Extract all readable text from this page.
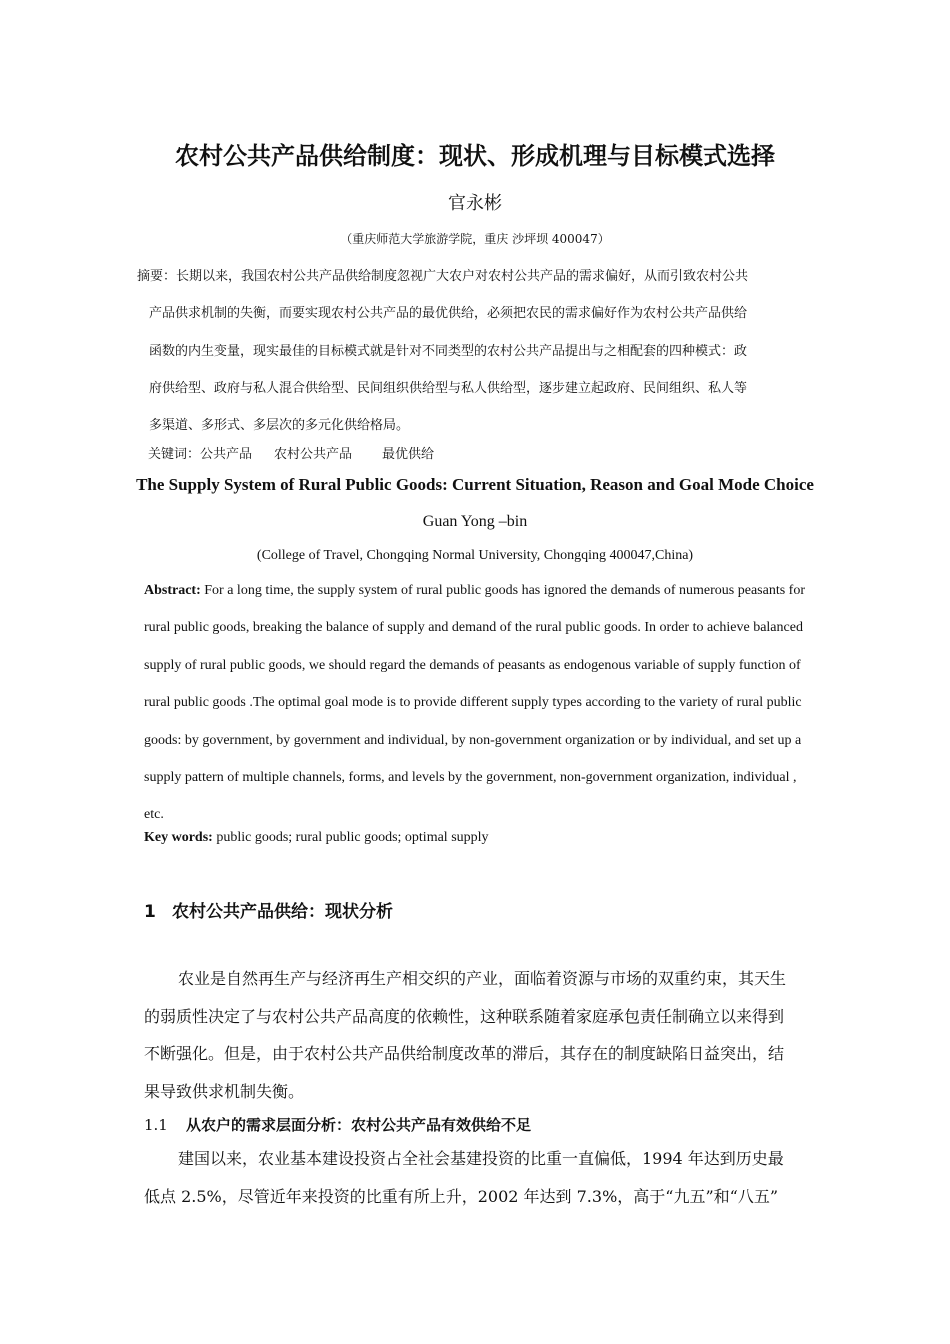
农村公共产品供给制度：现状、形成机理与目标模式选择
官永彬
（重庆师范大学旅游学院，重庆 沙坪坝 400047）
摘要：长期以来，我国农村公共产品供给制度忽视广大农户对农村公共产品的需求偏好，从而引致农村公共
产品供求机制的失衡，而要实现农村公共产品的最优供给，必须把农民的需求偏好作为农村公共产品供给
函数的内生变量，现实最佳的目标模式就是针对不同类型的农村公共产品提出与之相配套的四种模式：政
府供给型、政府与私人混合供给型、民间组织供给型与私人供给型，逐步建立起政府、民间组织、私人等
多渠道、多形式、多层次的多元化供给格局。
关键词：公共产品 农村公共产品 最优供给
The Supply System of Rural Public Goods: Current Situation, Reason and Goal Mode Choice
Guan Yong –bin
(College of Travel, Chongqing Normal University, Chongqing 400047,China)
Abstract: For a long time, the supply system of rural public goods has ignored the demands of numerous peasants for
rural public goods, breaking the balance of supply and demand of the rural public goods. In order to achieve balanced
supply of rural public goods, we should regard the demands of peasants as endogenous variable of supply function of
rural public goods .The optimal goal mode is to provide different supply types according to the variety of rural public
goods: by government, by government and individual, by non-government organization or by individual, and set up a
supply pattern of multiple channels, forms, and levels by the government, non-government organization, individual ,
etc.
Key words: public goods; rural public goods; optimal supply
1 农村公共产品供给：现状分析
农业是自然再生产与经济再生产相交织的产业，面临着资源与市场的双重约束，其天生
的弱质性决定了与农村公共产品高度的依赖性，这种联系随着家庭承包责任制确立以来得到
不断强化。但是，由于农村公共产品供给制度改革的滞后，其存在的制度缺陷日益突出，结
果导致供求机制失衡。
1.1 从农户的需求层面分析：农村公共产品有效供给不足
建国以来，农业基本建设投资占全社会基建投资的比重一直偏低，1994 年达到历史最
低点 2.5%，尽管近年来投资的比重有所上升，2002 年达到 7.3%，高于“九五”和“八五”
